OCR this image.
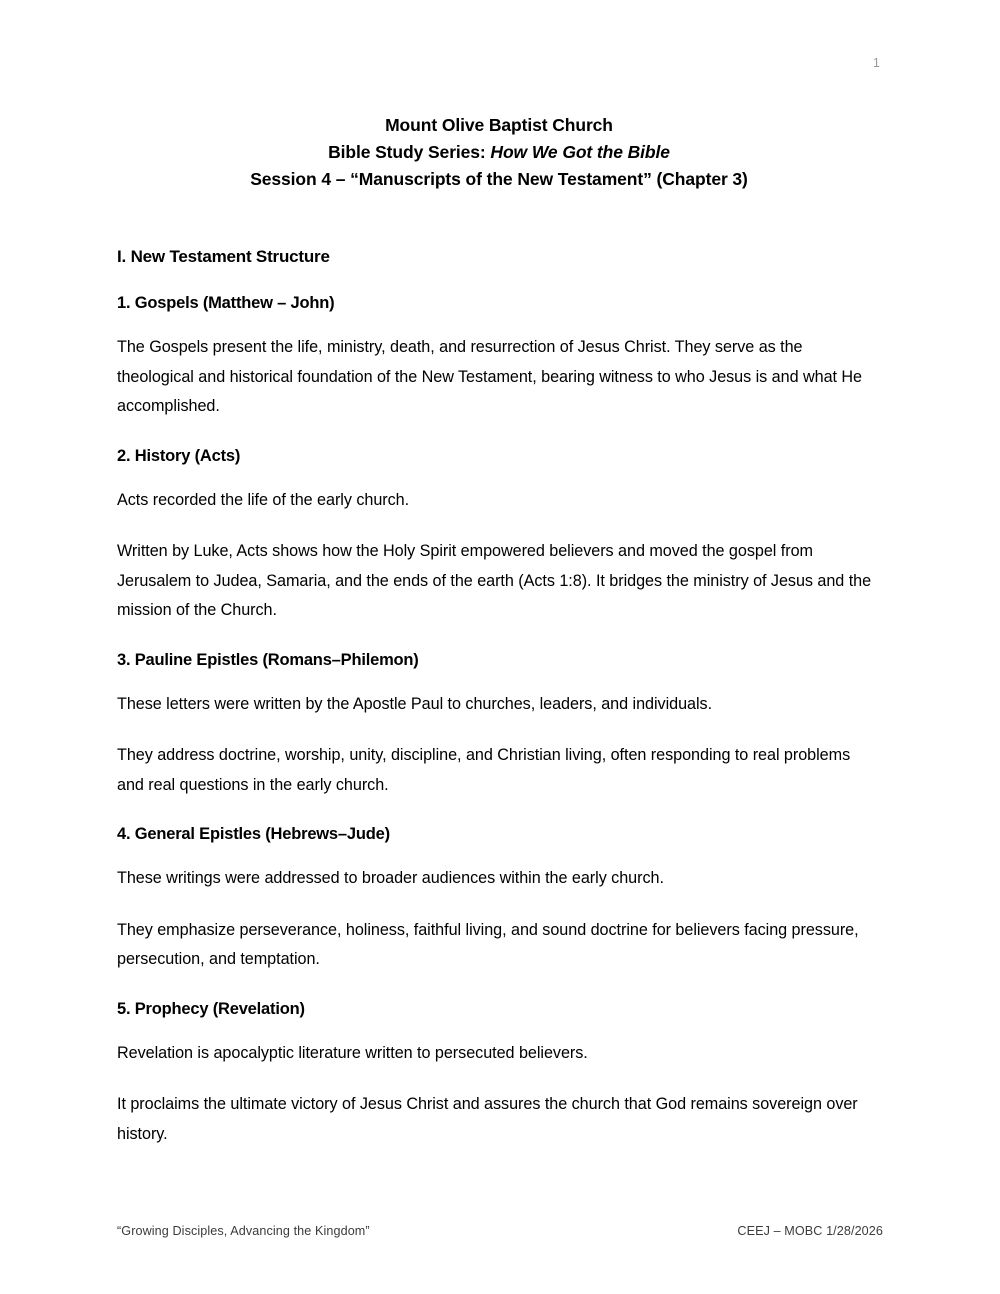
1
Mount Olive Baptist Church
Bible Study Series: How We Got the Bible
Session 4 – “Manuscripts of the New Testament” (Chapter 3)
I. New Testament Structure
1. Gospels (Matthew – John)

The Gospels present the life, ministry, death, and resurrection of Jesus Christ. They serve as the theological and historical foundation of the New Testament, bearing witness to who Jesus is and what He accomplished.

2. History (Acts)

Acts recorded the life of the early church.

Written by Luke, Acts shows how the Holy Spirit empowered believers and moved the gospel from Jerusalem to Judea, Samaria, and the ends of the earth (Acts 1:8). It bridges the ministry of Jesus and the mission of the Church.

3. Pauline Epistles (Romans–Philemon)

These letters were written by the Apostle Paul to churches, leaders, and individuals.

They address doctrine, worship, unity, discipline, and Christian living, often responding to real problems and real questions in the early church.

4. General Epistles (Hebrews–Jude)

These writings were addressed to broader audiences within the early church.

They emphasize perseverance, holiness, faithful living, and sound doctrine for believers facing pressure, persecution, and temptation.

5. Prophecy (Revelation)

Revelation is apocalyptic literature written to persecuted believers.

It proclaims the ultimate victory of Jesus Christ and assures the church that God remains sovereign over history.

“Growing Disciples, Advancing the Kingdom”	CEEJ – MOBC 1/28/2026
